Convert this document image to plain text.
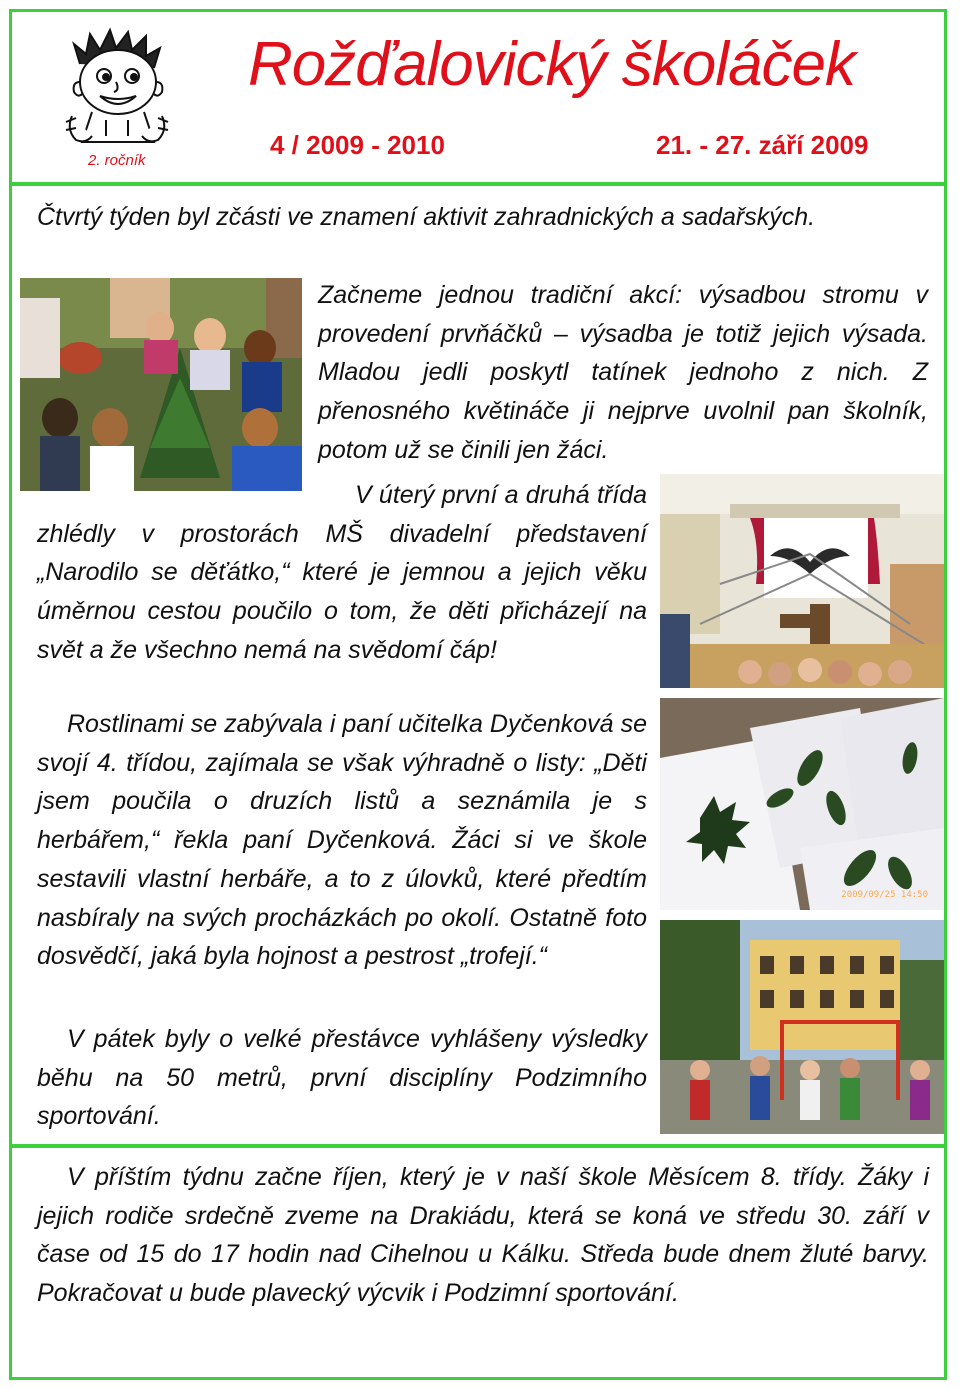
2. ročník
Rožďalovický školáček
4 / 2009 - 2010	21. - 27. září 2009

Čtvrtý týden byl zčásti ve znamení aktivit zahradnických a sadařských.

Začneme jednou tradiční akcí: výsadbou stromu v provedení prvňáčků – výsadba je totiž jejich výsada. Mladou jedli poskytl tatínek jednoho z nich. Z přenosného květináče ji nejprve uvolnil pan školník, potom už se činili jen žáci.

V úterý první a druhá třída zhlédly v prostorách MŠ divadelní představení „Narodilo se děťátko,“ které je jemnou a jejich věku úměrnou cestou poučilo o tom, že děti přicházejí na svět a že všechno nemá na svědomí čáp!

Rostlinami se zabývala i paní učitelka Dyčenková se svojí 4. třídou, zajímala se však výhradně o listy: „Děti jsem poučila o druzích listů a seznámila je s herbářem,“ řekla paní Dyčenková. Žáci si ve škole sestavili vlastní herbáře, a to z úlovků, které předtím nasbíraly na svých procházkách po okolí. Ostatně foto dosvědčí, jaká byla hojnost a pestrost „trofejí.“

V pátek byly o velké přestávce vyhlášeny výsledky běhu na 50 metrů, první disciplíny Podzimního sportování.

V příštím týdnu začne říjen, který je v naší škole Měsícem 8. třídy. Žáky i jejich rodiče srdečně zveme na Drakiádu, která se koná ve středu 30. září v čase od 15 do 17 hodin nad Cihelnou u Kálku. Středa bude dnem žluté barvy. Pokračovat u bude plavecký výcvik i Podzimní sportování.

2009/09/25 14:50
